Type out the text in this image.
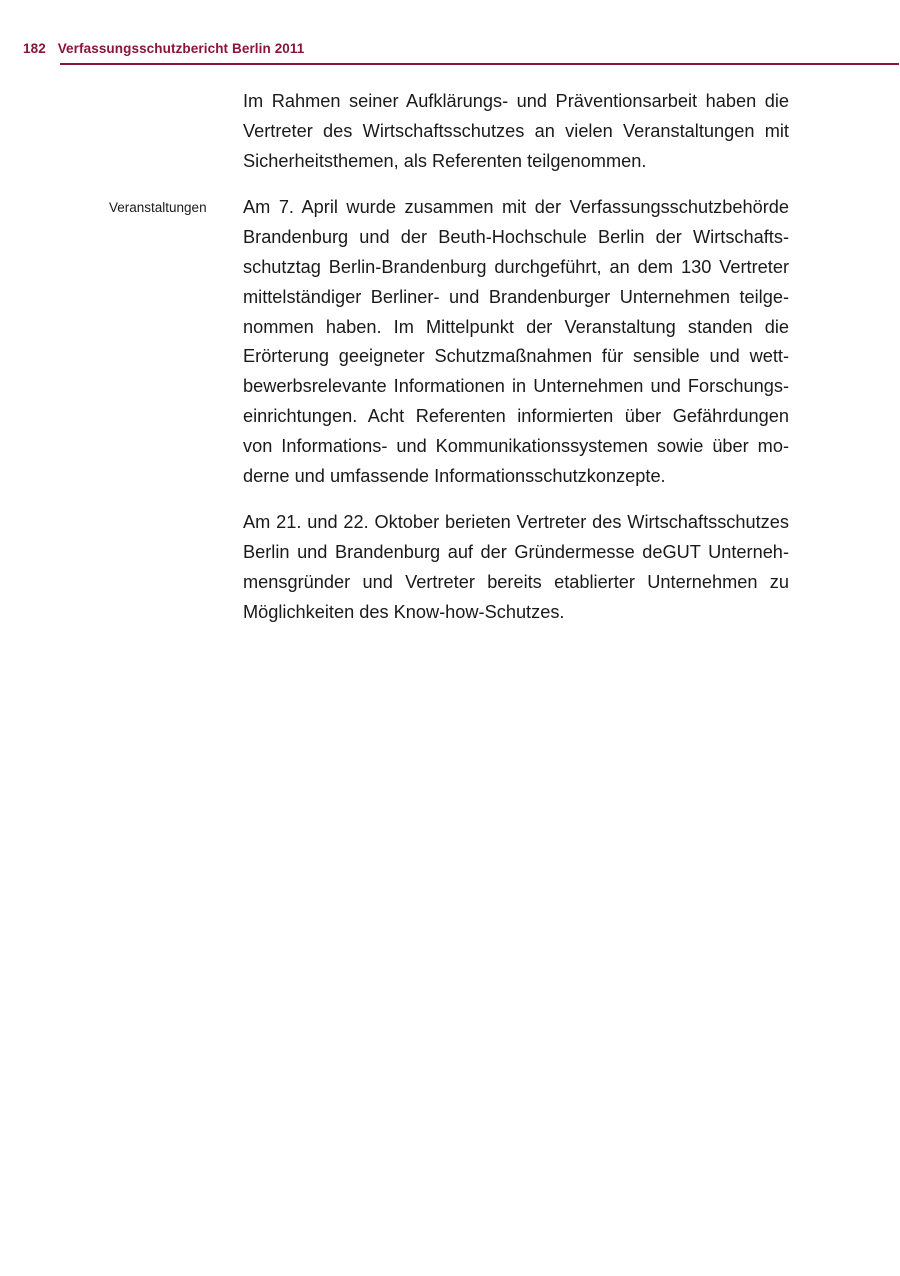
182 Verfassungsschutzbericht Berlin 2011
Im Rahmen seiner Aufklärungs- und Präventionsarbeit haben die Vertreter des Wirtschaftsschutzes an vielen Veranstaltungen mit Sicherheitsthemen, als Referenten teilgenommen.
Veranstaltungen	Am 7. April wurde zusammen mit der Verfassungsschutzbehörde Brandenburg und der Beuth-Hochschule Berlin der Wirtschaftsschutztag Berlin-Brandenburg durchgeführt, an dem 130 Vertreter mittelständiger Berliner- und Brandenburger Unternehmen teilgenommen haben. Im Mittelpunkt der Veranstaltung standen die Erörterung geeigneter Schutzmaßnahmen für sensible und wettbewerbsrelevante Informationen in Unternehmen und Forschungseinrichtungen. Acht Referenten informierten über Gefährdungen von Informations- und Kommunikationssystemen sowie über moderne und umfassende Informationsschutzkonzepte.
Am 21. und 22. Oktober berieten Vertreter des Wirtschaftsschutzes Berlin und Brandenburg auf der Gründermesse deGUT Unternehmensgründer und Vertreter bereits etablierter Unternehmen zu Möglichkeiten des Know-how-Schutzes.
